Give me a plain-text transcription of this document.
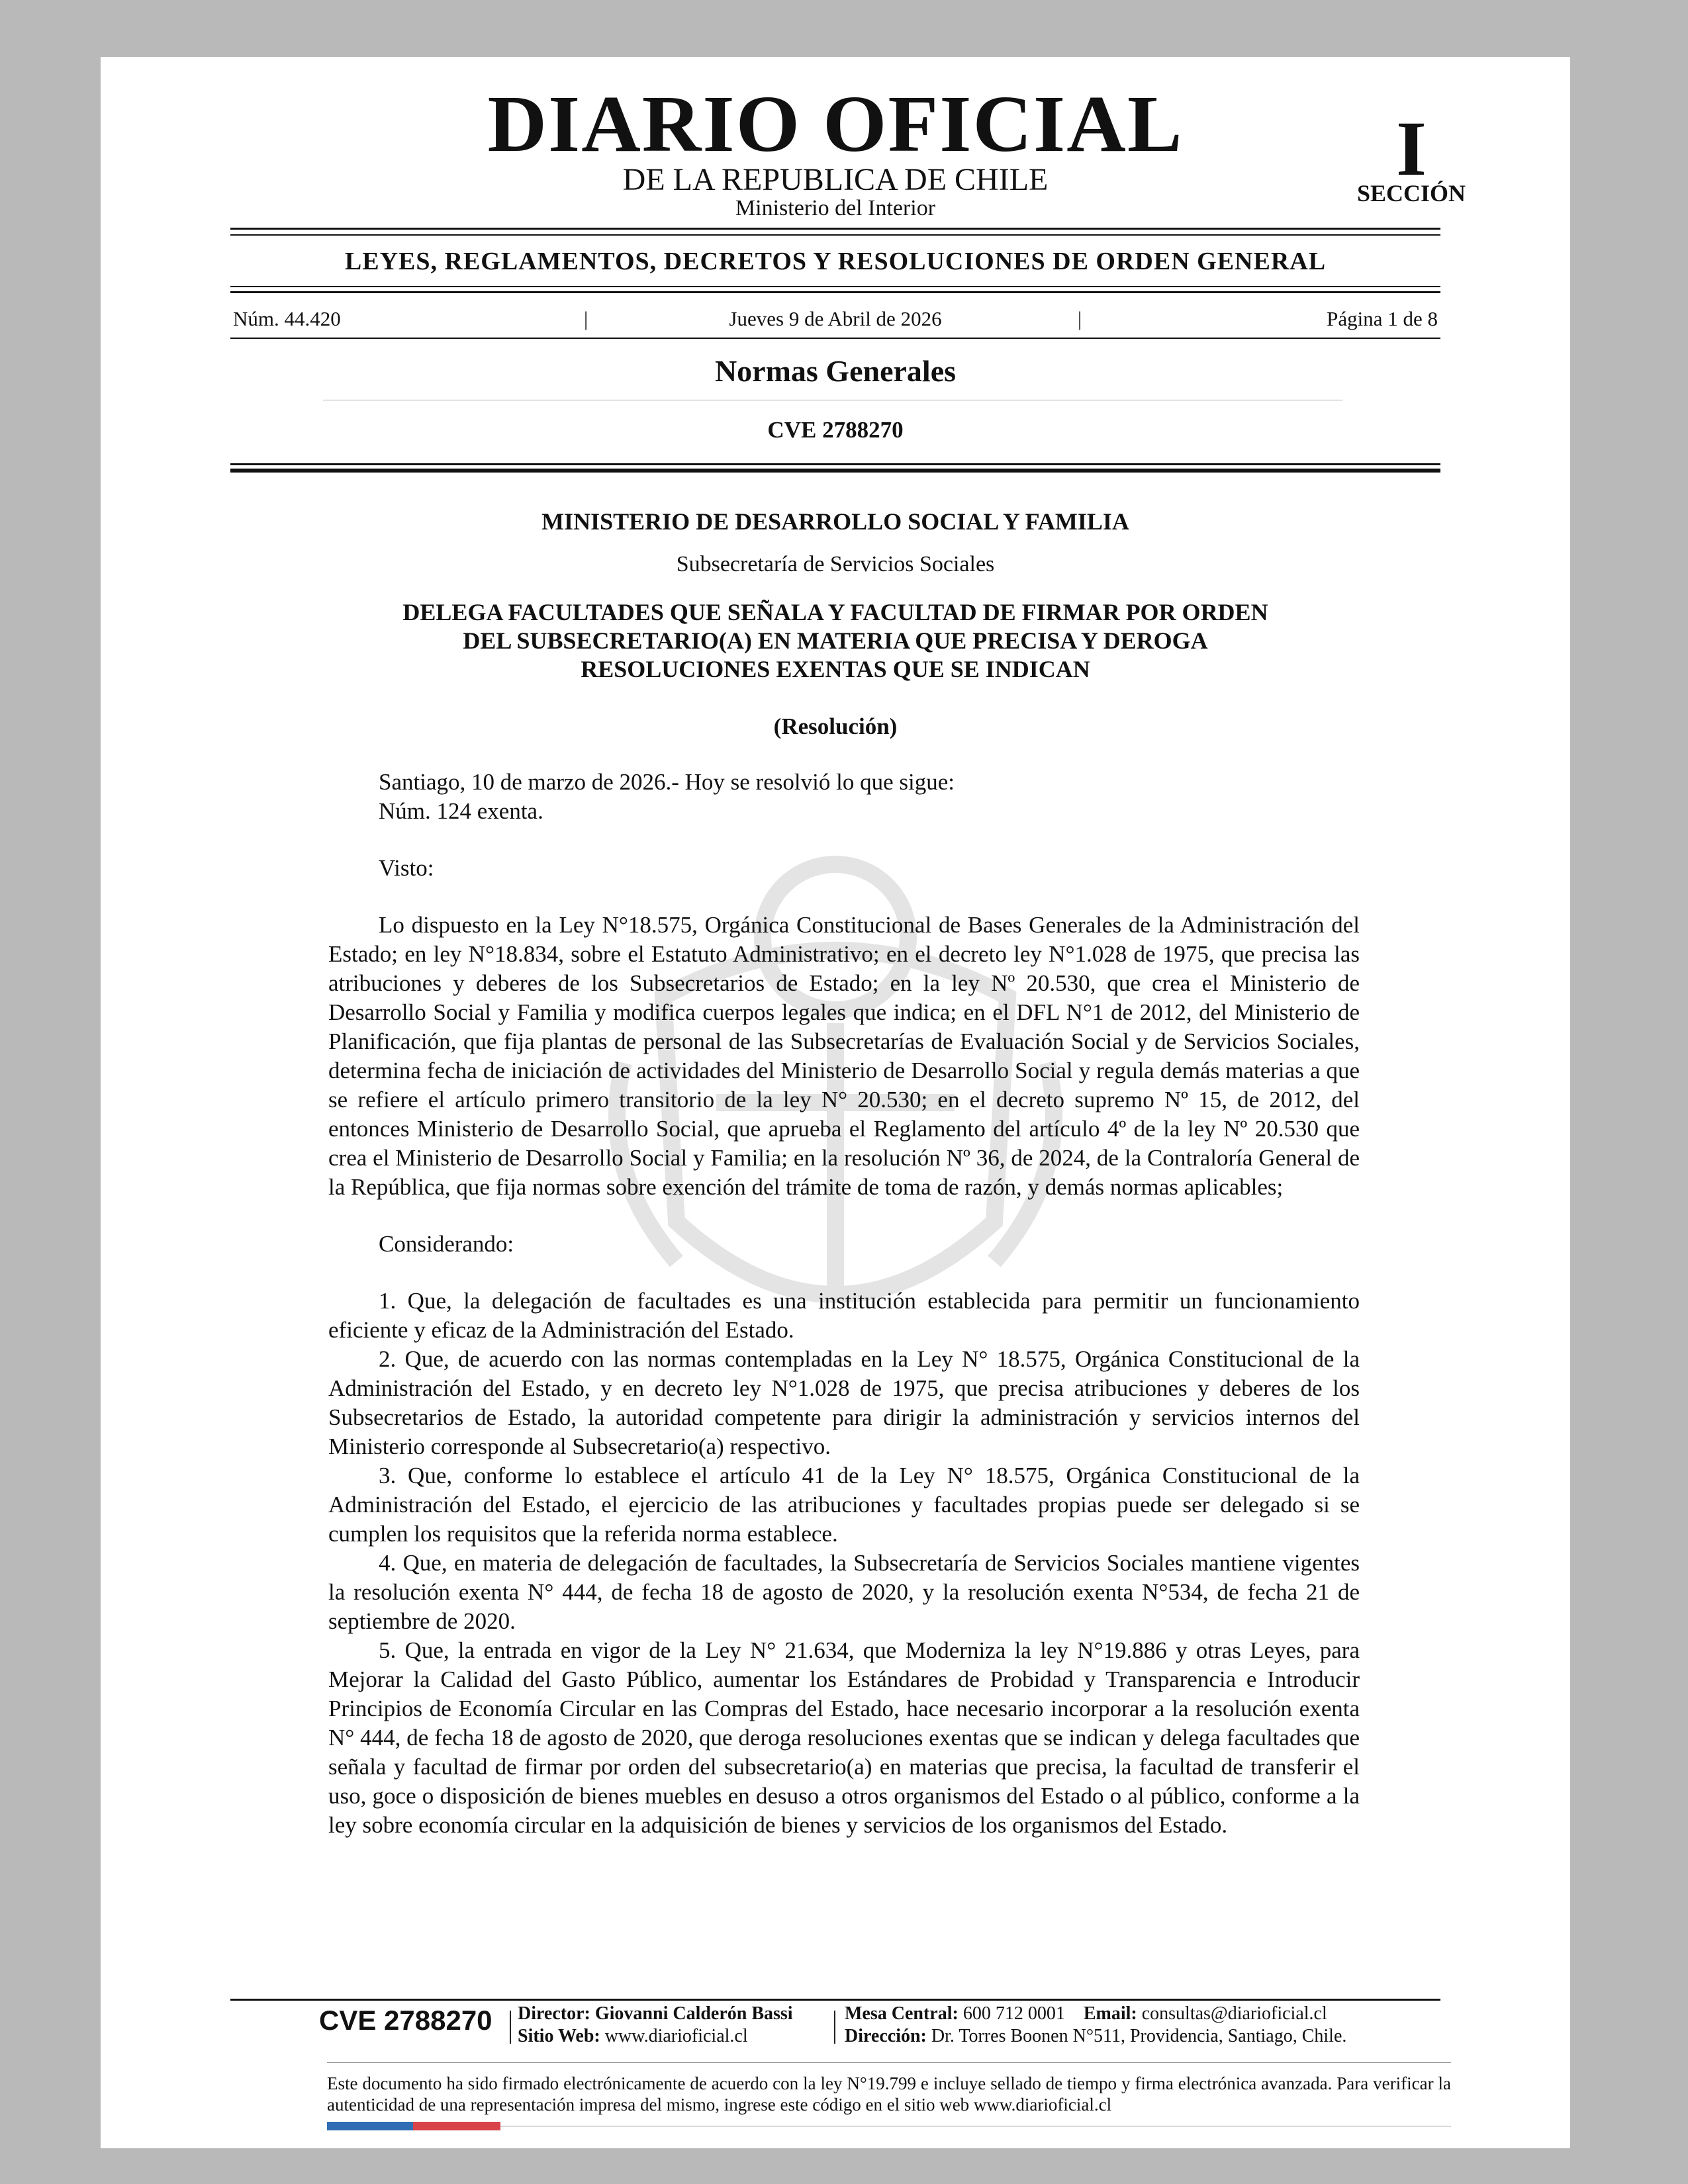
DIARIO OFICIAL
DE LA REPUBLICA DE CHILE
Ministerio del Interior
I
SECCIÓN
LEYES, REGLAMENTOS, DECRETOS Y RESOLUCIONES DE ORDEN GENERAL
Núm. 44.420	|	Jueves 9 de Abril de 2026	|	Página 1 de 8
Normas Generales
CVE 2788270
MINISTERIO DE DESARROLLO SOCIAL Y FAMILIA
Subsecretaría de Servicios Sociales
DELEGA FACULTADES QUE SEÑALA Y FACULTAD DE FIRMAR POR ORDEN
DEL SUBSECRETARIO(A) EN MATERIA QUE PRECISA Y DEROGA
RESOLUCIONES EXENTAS QUE SE INDICAN
(Resolución)

Santiago, 10 de marzo de 2026.- Hoy se resolvió lo que sigue:

Núm. 124 exenta.

Visto:

Lo dispuesto en la Ley N°18.575, Orgánica Constitucional de Bases Generales de la Administración del Estado; en ley N°18.834, sobre el Estatuto Administrativo; en el decreto ley N°1.028 de 1975, que precisa las atribuciones y deberes de los Subsecretarios de Estado; en la ley Nº 20.530, que crea el Ministerio de Desarrollo Social y Familia y modifica cuerpos legales que indica; en el DFL N°1 de 2012, del Ministerio de Planificación, que fija plantas de personal de las Subsecretarías de Evaluación Social y de Servicios Sociales, determina fecha de iniciación de actividades del Ministerio de Desarrollo Social y regula demás materias a que se refiere el artículo primero transitorio de la ley N° 20.530; en el decreto supremo Nº 15, de 2012, del entonces Ministerio de Desarrollo Social, que aprueba el Reglamento del artículo 4º de la ley Nº 20.530 que crea el Ministerio de Desarrollo Social y Familia; en la resolución Nº 36, de 2024, de la Contraloría General de la República, que fija normas sobre exención del trámite de toma de razón, y demás normas aplicables;

Considerando:

1. Que, la delegación de facultades es una institución establecida para permitir un funcionamiento eficiente y eficaz de la Administración del Estado.

2. Que, de acuerdo con las normas contempladas en la Ley N° 18.575, Orgánica Constitucional de la Administración del Estado, y en decreto ley N°1.028 de 1975, que precisa atribuciones y deberes de los Subsecretarios de Estado, la autoridad competente para dirigir la administración y servicios internos del Ministerio corresponde al Subsecretario(a) respectivo.

3. Que, conforme lo establece el artículo 41 de la Ley N° 18.575, Orgánica Constitucional de la Administración del Estado, el ejercicio de las atribuciones y facultades propias puede ser delegado si se cumplen los requisitos que la referida norma establece.

4. Que, en materia de delegación de facultades, la Subsecretaría de Servicios Sociales mantiene vigentes la resolución exenta N° 444, de fecha 18 de agosto de 2020, y la resolución exenta N°534, de fecha 21 de septiembre de 2020.

5. Que, la entrada en vigor de la Ley N° 21.634, que Moderniza la ley N°19.886 y otras Leyes, para Mejorar la Calidad del Gasto Público, aumentar los Estándares de Probidad y Transparencia e Introducir Principios de Economía Circular en las Compras del Estado, hace necesario incorporar a la resolución exenta N° 444, de fecha 18 de agosto de 2020, que deroga resoluciones exentas que se indican y delega facultades que señala y facultad de firmar por orden del subsecretario(a) en materias que precisa, la facultad de transferir el uso, goce o disposición de bienes muebles en desuso a otros organismos del Estado o al público, conforme a la ley sobre economía circular en la adquisición de bienes y servicios de los organismos del Estado.

CVE 2788270 Director: Giovanni Calderón Bassi
Sitio Web: www.diarioficial.cl
Mesa Central: 600 712 0001 Email: consultas@diarioficial.cl
Dirección: Dr. Torres Boonen N°511, Providencia, Santiago, Chile.
Este documento ha sido firmado electrónicamente de acuerdo con la ley N°19.799 e incluye sellado de tiempo y firma electrónica avanzada. Para verificar la autenticidad de una representación impresa del mismo, ingrese este código en el sitio web www.diarioficial.cl
